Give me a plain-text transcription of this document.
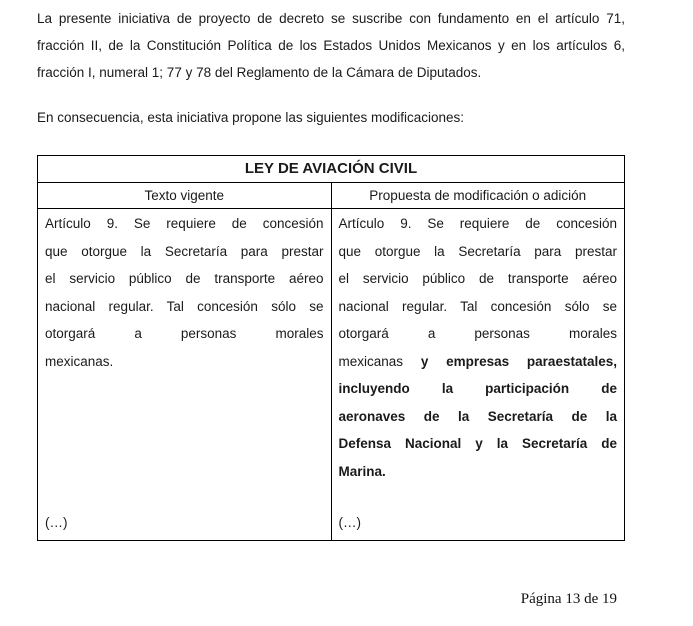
La presente iniciativa de proyecto de decreto se suscribe con fundamento en el artículo 71,
fracción II, de la Constitución Política de los Estados Unidos Mexicanos y en los artículos 6,
fracción I, numeral 1; 77 y 78 del Reglamento de la Cámara de Diputados.

En consecuencia, esta iniciativa propone las siguientes modificaciones:

LEY DE AVIACIÓN CIVIL
Texto vigente	Propuesta de modificación o adición
Artículo 9. Se requiere de concesión
que otorgue la Secretaría para prestar
el servicio público de transporte aéreo
nacional regular. Tal concesión sólo se
otorgará a personas morales
mexicanas.
(…)
Artículo 9. Se requiere de concesión
que otorgue la Secretaría para prestar
el servicio público de transporte aéreo
nacional regular. Tal concesión sólo se
otorgará a personas morales
mexicanas y empresas paraestatales,
incluyendo la participación de
aeronaves de la Secretaría de la
Defensa Nacional y la Secretaría de
Marina.
(…)
Página 13 de 19
